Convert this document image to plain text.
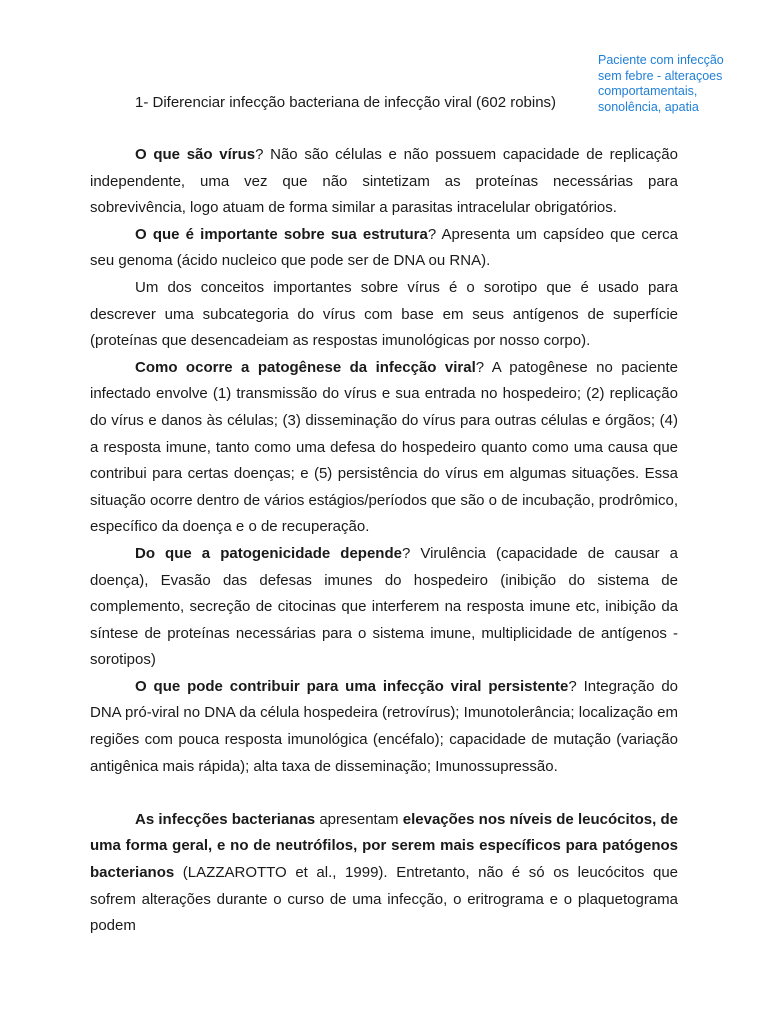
Paciente com infecção
sem febre - alteraçoes
comportamentais,
sonolência, apatia
1- Diferenciar infecção bacteriana de infecção viral (602 robins)

O que são vírus? Não são células e não possuem capacidade de replicação independente, uma vez que não sintetizam as proteínas necessárias para sobrevivência, logo atuam de forma similar a parasitas intracelular obrigatórios.

O que é importante sobre sua estrutura? Apresenta um capsídeo que cerca seu genoma (ácido nucleico que pode ser de DNA ou RNA).

Um dos conceitos importantes sobre vírus é o sorotipo que é usado para descrever uma subcategoria do vírus com base em seus antígenos de superfície (proteínas que desencadeiam as respostas imunológicas por nosso corpo).

Como ocorre a patogênese da infecção viral? A patogênese no paciente infectado envolve (1) transmissão do vírus e sua entrada no hospedeiro; (2) replicação do vírus e danos às células; (3) disseminação do vírus para outras células e órgãos; (4) a resposta imune, tanto como uma defesa do hospedeiro quanto como uma causa que contribui para certas doenças; e (5) persistência do vírus em algumas situações. Essa situação ocorre dentro de vários estágios/períodos que são o de incubação, prodrômico, específico da doença e o de recuperação.

Do que a patogenicidade depende? Virulência (capacidade de causar a doença), Evasão das defesas imunes do hospedeiro (inibição do sistema de complemento, secreção de citocinas que interferem na resposta imune etc, inibição da síntese de proteínas necessárias para o sistema imune, multiplicidade de antígenos - sorotipos)

O que pode contribuir para uma infecção viral persistente? Integração do DNA pró-viral no DNA da célula hospedeira (retrovírus); Imunotolerância; localização em regiões com pouca resposta imunológica (encéfalo); capacidade de mutação (variação antigênica mais rápida); alta taxa de disseminação; Imunossupressão.

As infecções bacterianas apresentam elevações nos níveis de leucócitos, de uma forma geral, e no de neutrófilos, por serem mais específicos para patógenos bacterianos (LAZZAROTTO et al., 1999). Entretanto, não é só os leucócitos que sofrem alterações durante o curso de uma infecção, o eritrograma e o plaquetograma podem
